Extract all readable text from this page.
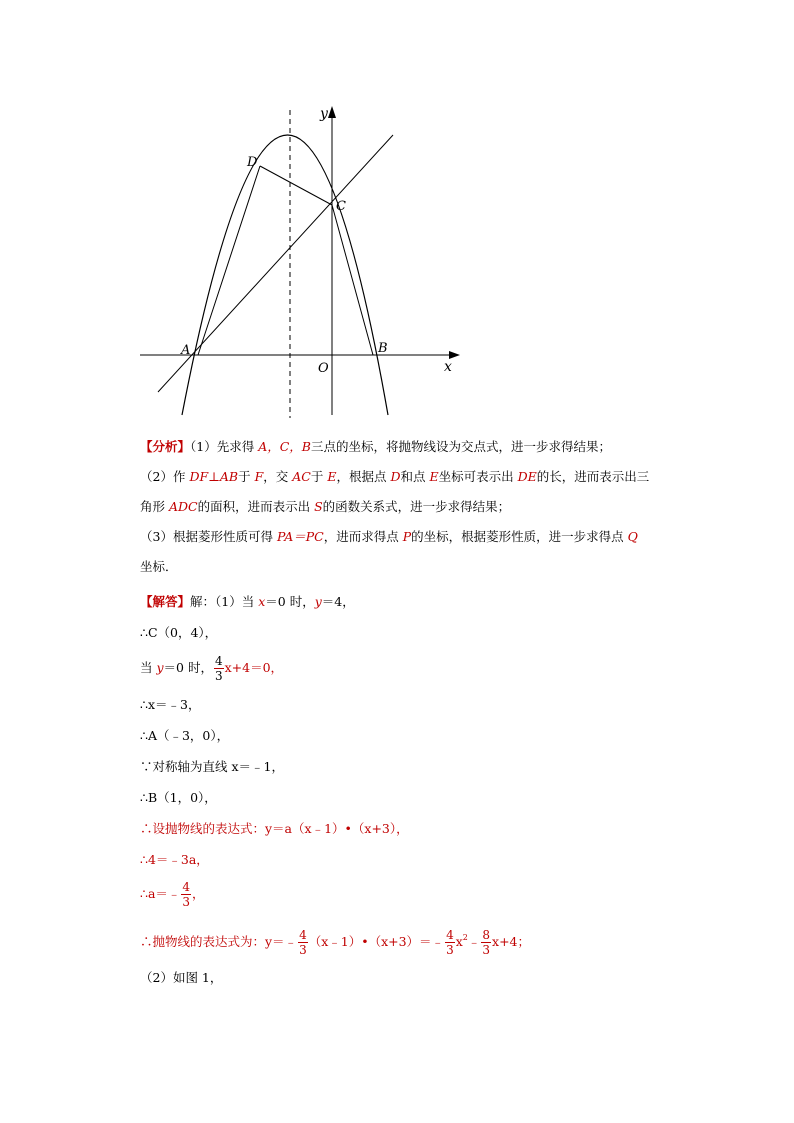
y
x
D
C
A	B
O
【分析】（1）先求得 A，C，B三点的坐标，将抛物线设为交点式，进一步求得结果；
（2）作 DF⊥AB于 F，交 AC于 E，根据点 D和点 E坐标可表示出 DE的长，进而表示出三
角形 ADC的面积，进而表示出 S的函数关系式，进一步求得结果；
（3）根据菱形性质可得 PA＝PC，进而求得点 P的坐标，根据菱形性质，进一步求得点 Q
坐标．
【解答】解：（1）当 x＝0 时，y＝4，
∴C（0，4），
当 y＝0 时， $\frac{4}{3} x+4=0$，
∴x＝﹣3，
∴A（﹣3，0），
∵对称轴为直线 x＝﹣1，
∴B（1，0），
∴设抛物线的表达式：y＝a（x﹣1）•（x+3），
∴4＝﹣3a，
∴a＝﹣ $\frac{4}{3}$ ，
∴抛物线的表达式为：y＝﹣ $\frac{4}{3}$ （x﹣1）•（x+3）＝﹣ $\frac{4}{3}$ $x^2﹣ \frac{8}{3} x+4$；
（2）如图 1，
